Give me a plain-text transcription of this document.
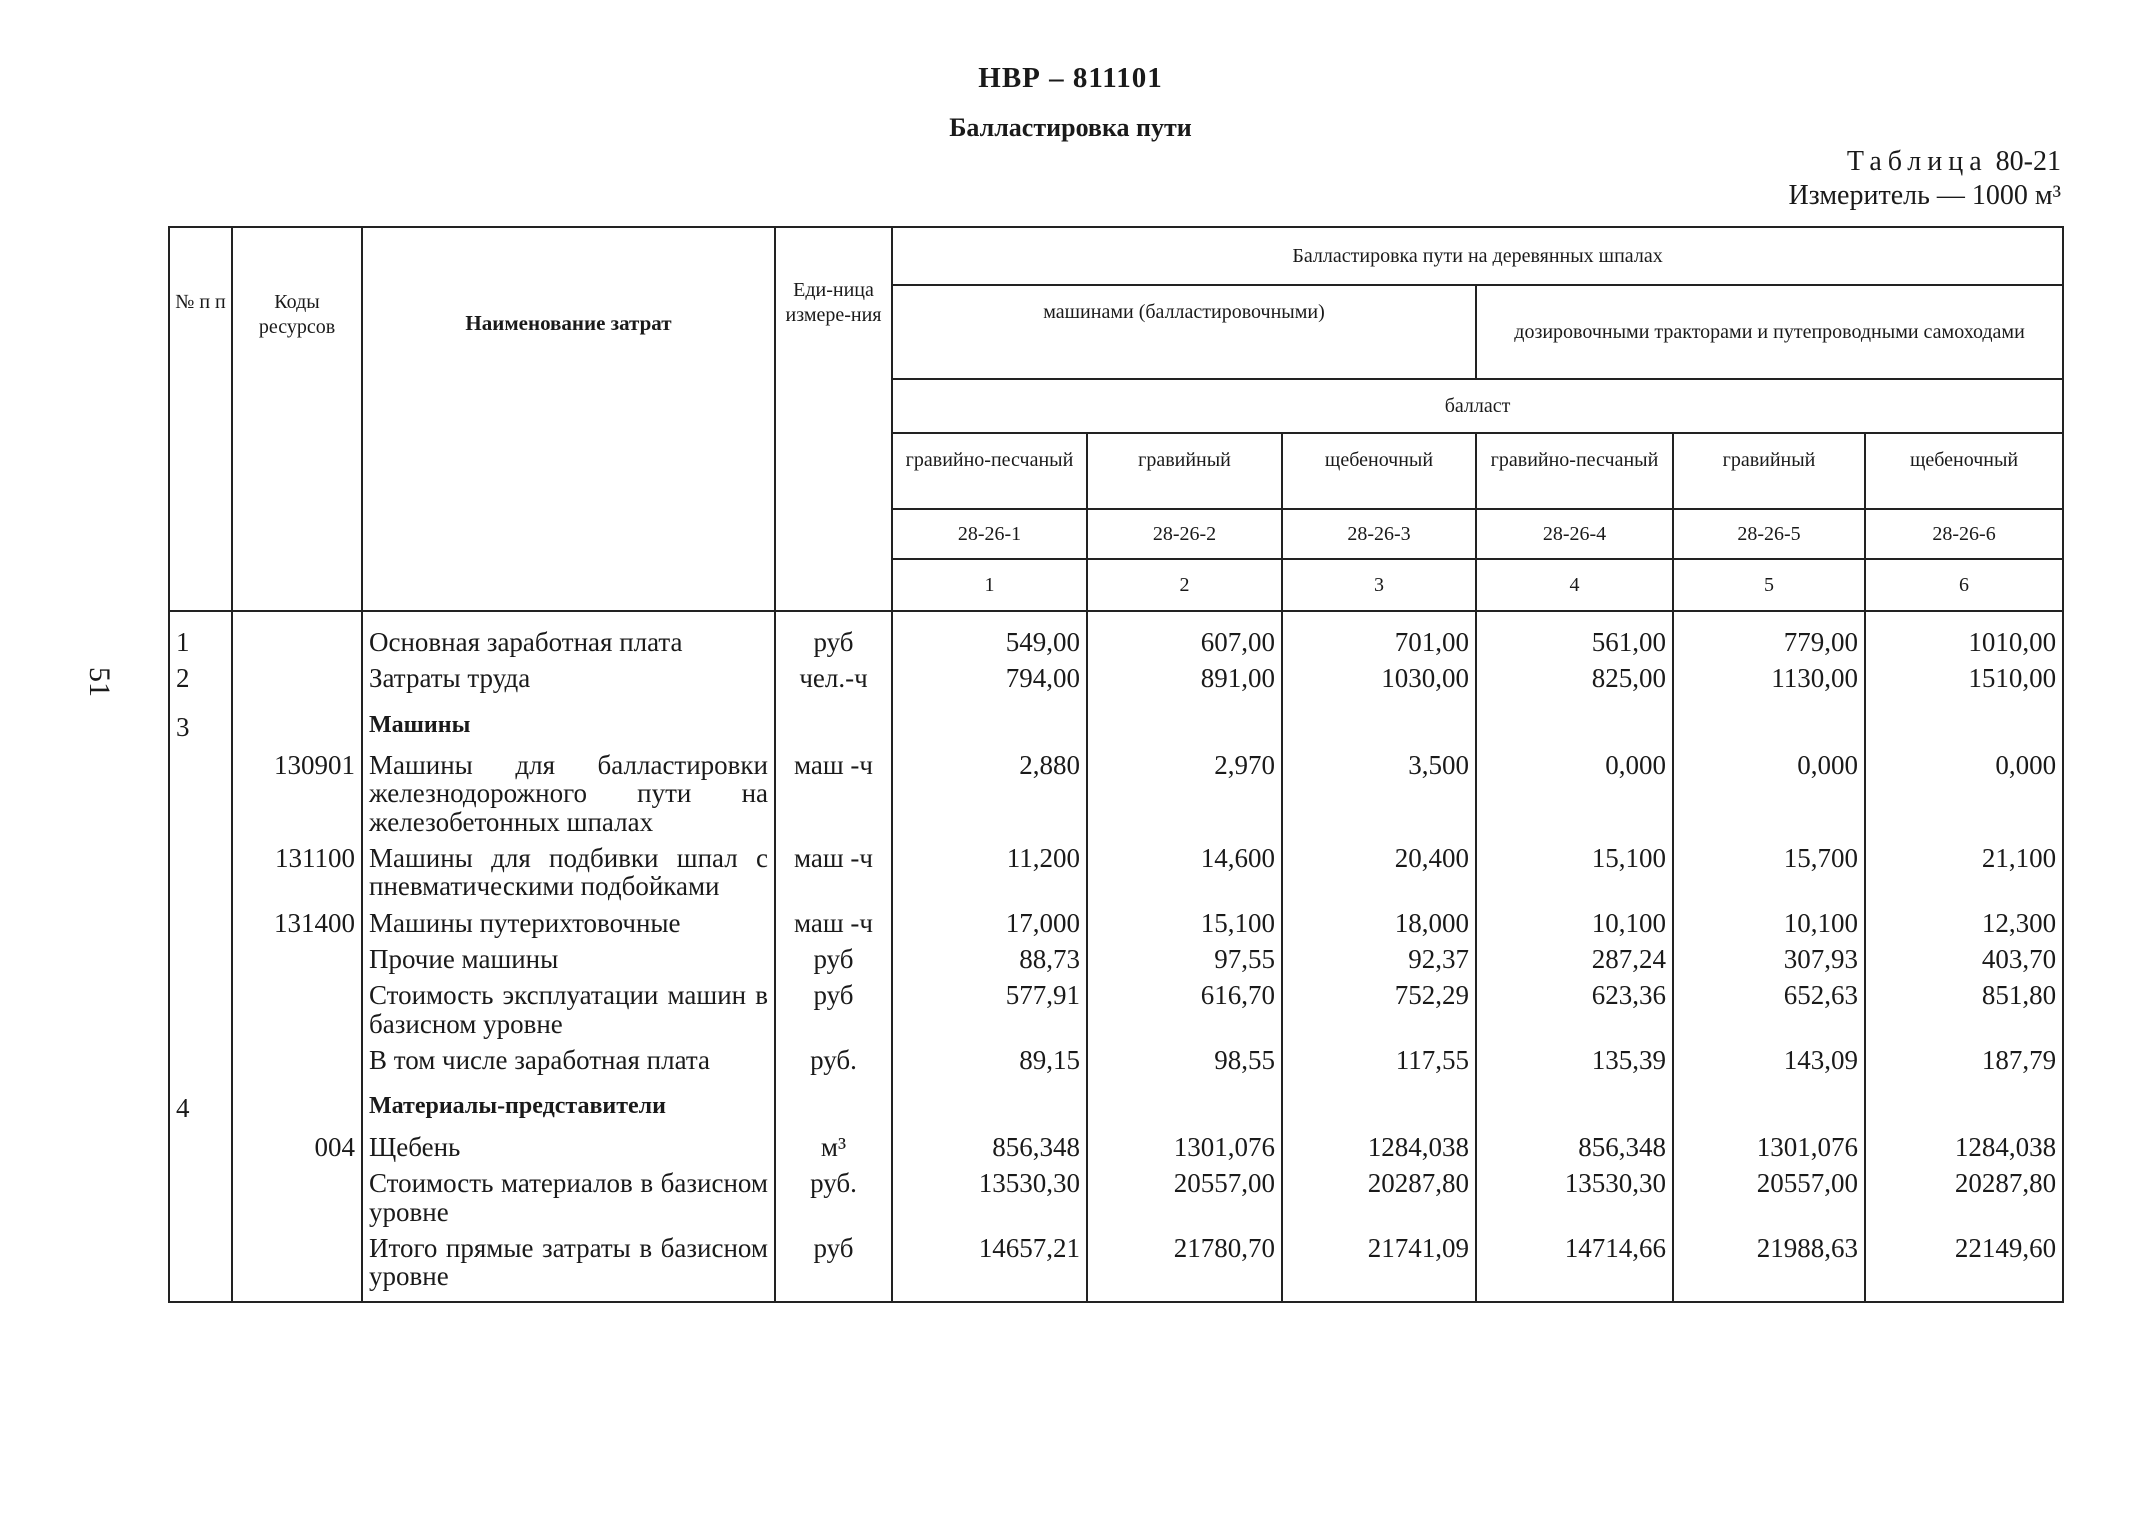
НВР – 811101
Балластировка пути
Таблица 80-21
Измеритель — 1000 м³
51
№ п п	Коды ресурсов	Наименование затрат	Еди-ница измере-ния	Балластировка пути на деревянных шпалах					
				машинами (балластировочными)			дозировочными тракторами и путепроводными самоходами		
				балласт					
				гравийно-песчаный	гравийный	щебеночный	гравийно-песчаный	гравийный	щебеночный
				28-26-1	28-26-2	28-26-3	28-26-4	28-26-5	28-26-6
				1	2	3	4	5	6
1		Основная заработная плата	руб	549,00	607,00	701,00	561,00	779,00	1010,00
2		Затраты труда	чел.-ч	794,00	891,00	1030,00	825,00	1130,00	1510,00
3		Машины							
	130901	Машины для балластировки железнодорожного пути на железобетонных шпалах	маш -ч	2,880	2,970	3,500	0,000	0,000	0,000
	131100	Машины для подбивки шпал с пневматическими подбойками	маш -ч	11,200	14,600	20,400	15,100	15,700	21,100
	131400	Машины путерихтовочные	маш -ч	17,000	15,100	18,000	10,100	10,100	12,300
		Прочие машины	руб	88,73	97,55	92,37	287,24	307,93	403,70
		Стоимость эксплуатации машин в базисном уровне	руб	577,91	616,70	752,29	623,36	652,63	851,80
		В том числе заработная плата	руб.	89,15	98,55	117,55	135,39	143,09	187,79
4		Материалы-представители							
	004	Щебень	м³	856,348	1301,076	1284,038	856,348	1301,076	1284,038
		Стоимость материалов в базисном уровне	руб.	13530,30	20557,00	20287,80	13530,30	20557,00	20287,80
		Итого прямые затраты в базисном уровне	руб	14657,21	21780,70	21741,09	14714,66	21988,63	22149,60
